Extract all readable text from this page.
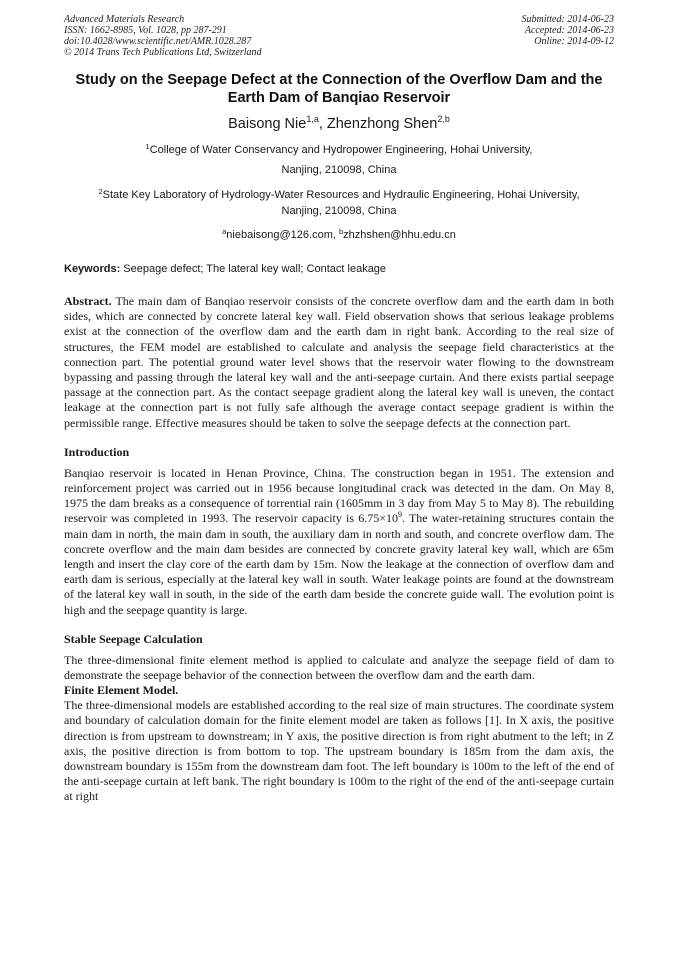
Advanced Materials Research
ISSN: 1662-8985, Vol. 1028, pp 287-291
doi:10.4028/www.scientific.net/AMR.1028.287
© 2014 Trans Tech Publications Ltd, Switzerland
Submitted: 2014-06-23
Accepted: 2014-06-23
Online: 2014-09-12
Study on the Seepage Defect at the Connection of the Overflow Dam and the Earth Dam of Banqiao Reservoir
Baisong Nie$^{1,a}$, Zhenzhong Shen$^{2,b}$
$^1$College of Water Conservancy and Hydropower Engineering, Hohai University,
Nanjing, 210098, China
$^2$State Key Laboratory of Hydrology-Water Resources and Hydraulic Engineering, Hohai University,
Nanjing, 210098, China
$^a$niebaisong@126.com, $^b$zhzhshen@hhu.edu.cn
Keywords: Seepage defect; The lateral key wall; Contact leakage

Abstract. The main dam of Banqiao reservoir consists of the concrete overflow dam and the earth dam in both sides, which are connected by concrete lateral key wall. Field observation shows that serious leakage problems exist at the connection of the overflow dam and the earth dam in right bank. According to the real size of structures, the FEM model are established to calculate and analysis the seepage field characteristics at the connection part. The potential ground water level shows that the reservoir water flowing to the downstream bypassing and passing through the lateral key wall and the anti-seepage curtain. And there exists partial seepage passage at the connection part. As the contact seepage gradient along the lateral key wall is uneven, the contact leakage at the connection part is not fully safe although the average contact seepage gradient is within the permissible range. Effective measures should be taken to solve the seepage defects at the connection part.

Introduction

Banqiao reservoir is located in Henan Province, China. The construction began in 1951. The extension and reinforcement project was carried out in 1956 because longitudinal crack was detected in the dam. On May 8, 1975 the dam breaks as a consequence of torrential rain (1605mm in 3 day from May 5 to May 8). The rebuilding reservoir was completed in 1993. The reservoir capacity is $6.75\times 10^9$. The water-retaining structures contain the main dam in north, the main dam in south, the auxiliary dam in north and south, and concrete overflow dam. The concrete overflow and the main dam besides are connected by concrete gravity lateral key wall, which are 65m length and insert the clay core of the earth dam by 15m. Now the leakage at the connection of overflow dam and earth dam is serious, especially at the lateral key wall in south. Water leakage points are found at the downstream of the lateral key wall in south, in the side of the earth dam beside the concrete guide wall. The evolution point is high and the seepage quantity is large.

Stable Seepage Calculation

The three-dimensional finite element method is applied to calculate and analyze the seepage field of dam to demonstrate the seepage behavior of the connection between the overflow dam and the earth dam.

Finite Element Model.

The three-dimensional models are established according to the real size of main structures. The coordinate system and boundary of calculation domain for the finite element model are taken as follows [1]. In X axis, the positive direction is from upstream to downstream; in Y axis, the positive direction is from right abutment to the left; in Z axis, the positive direction is from bottom to top. The upstream boundary is 185m from the dam axis, the downstream boundary is 155m from the downstream dam foot. The left boundary is 100m to the left of the end of the anti-seepage curtain at left bank. The right boundary is 100m to the right of the end of the anti-seepage curtain at right
